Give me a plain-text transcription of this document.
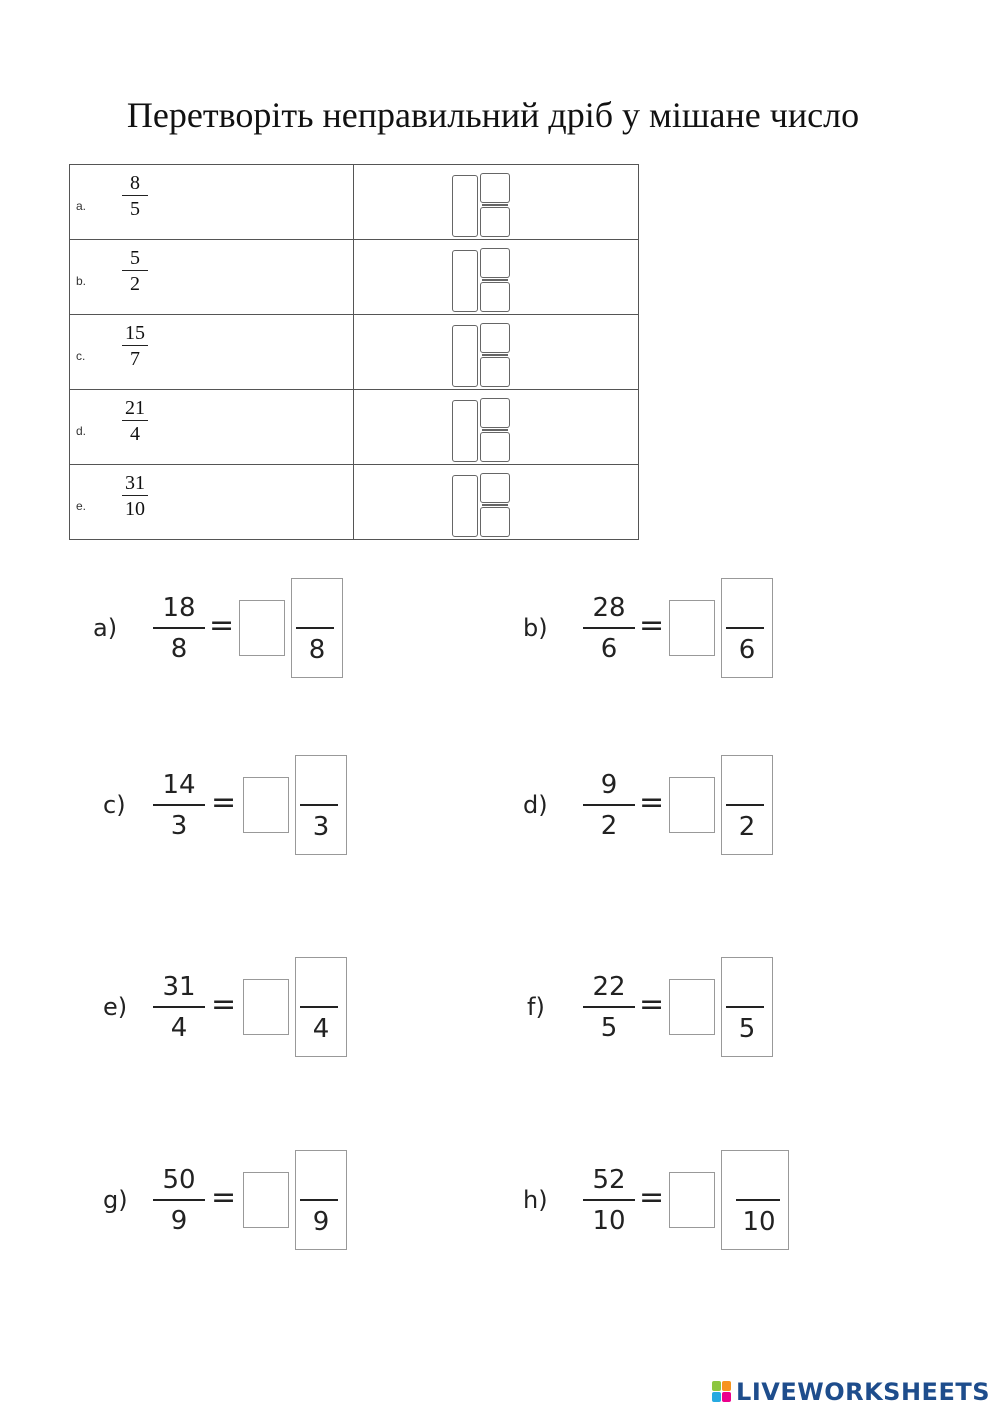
Перетворіть неправильний дріб у мішане число
a. $\frac{8}{5}$

b. $\frac{5}{2}$

c. $\frac{15}{7}$

d. $\frac{21}{4}$

e. $\frac{31}{10}$

$a) \frac{18}{8}$ =
8
$b) \frac{28}{6}$ =
6
$c) \frac{14}{3}$ =
3
$d) \frac{9}{2}$ =
2
$e) \frac{31}{4}$ =
4
$f) \frac{22}{5}$ =
5
$g) \frac{50}{9}$ =
9
$h) \frac{52}{10}$ =
10
LIVEWORKSHEETS
